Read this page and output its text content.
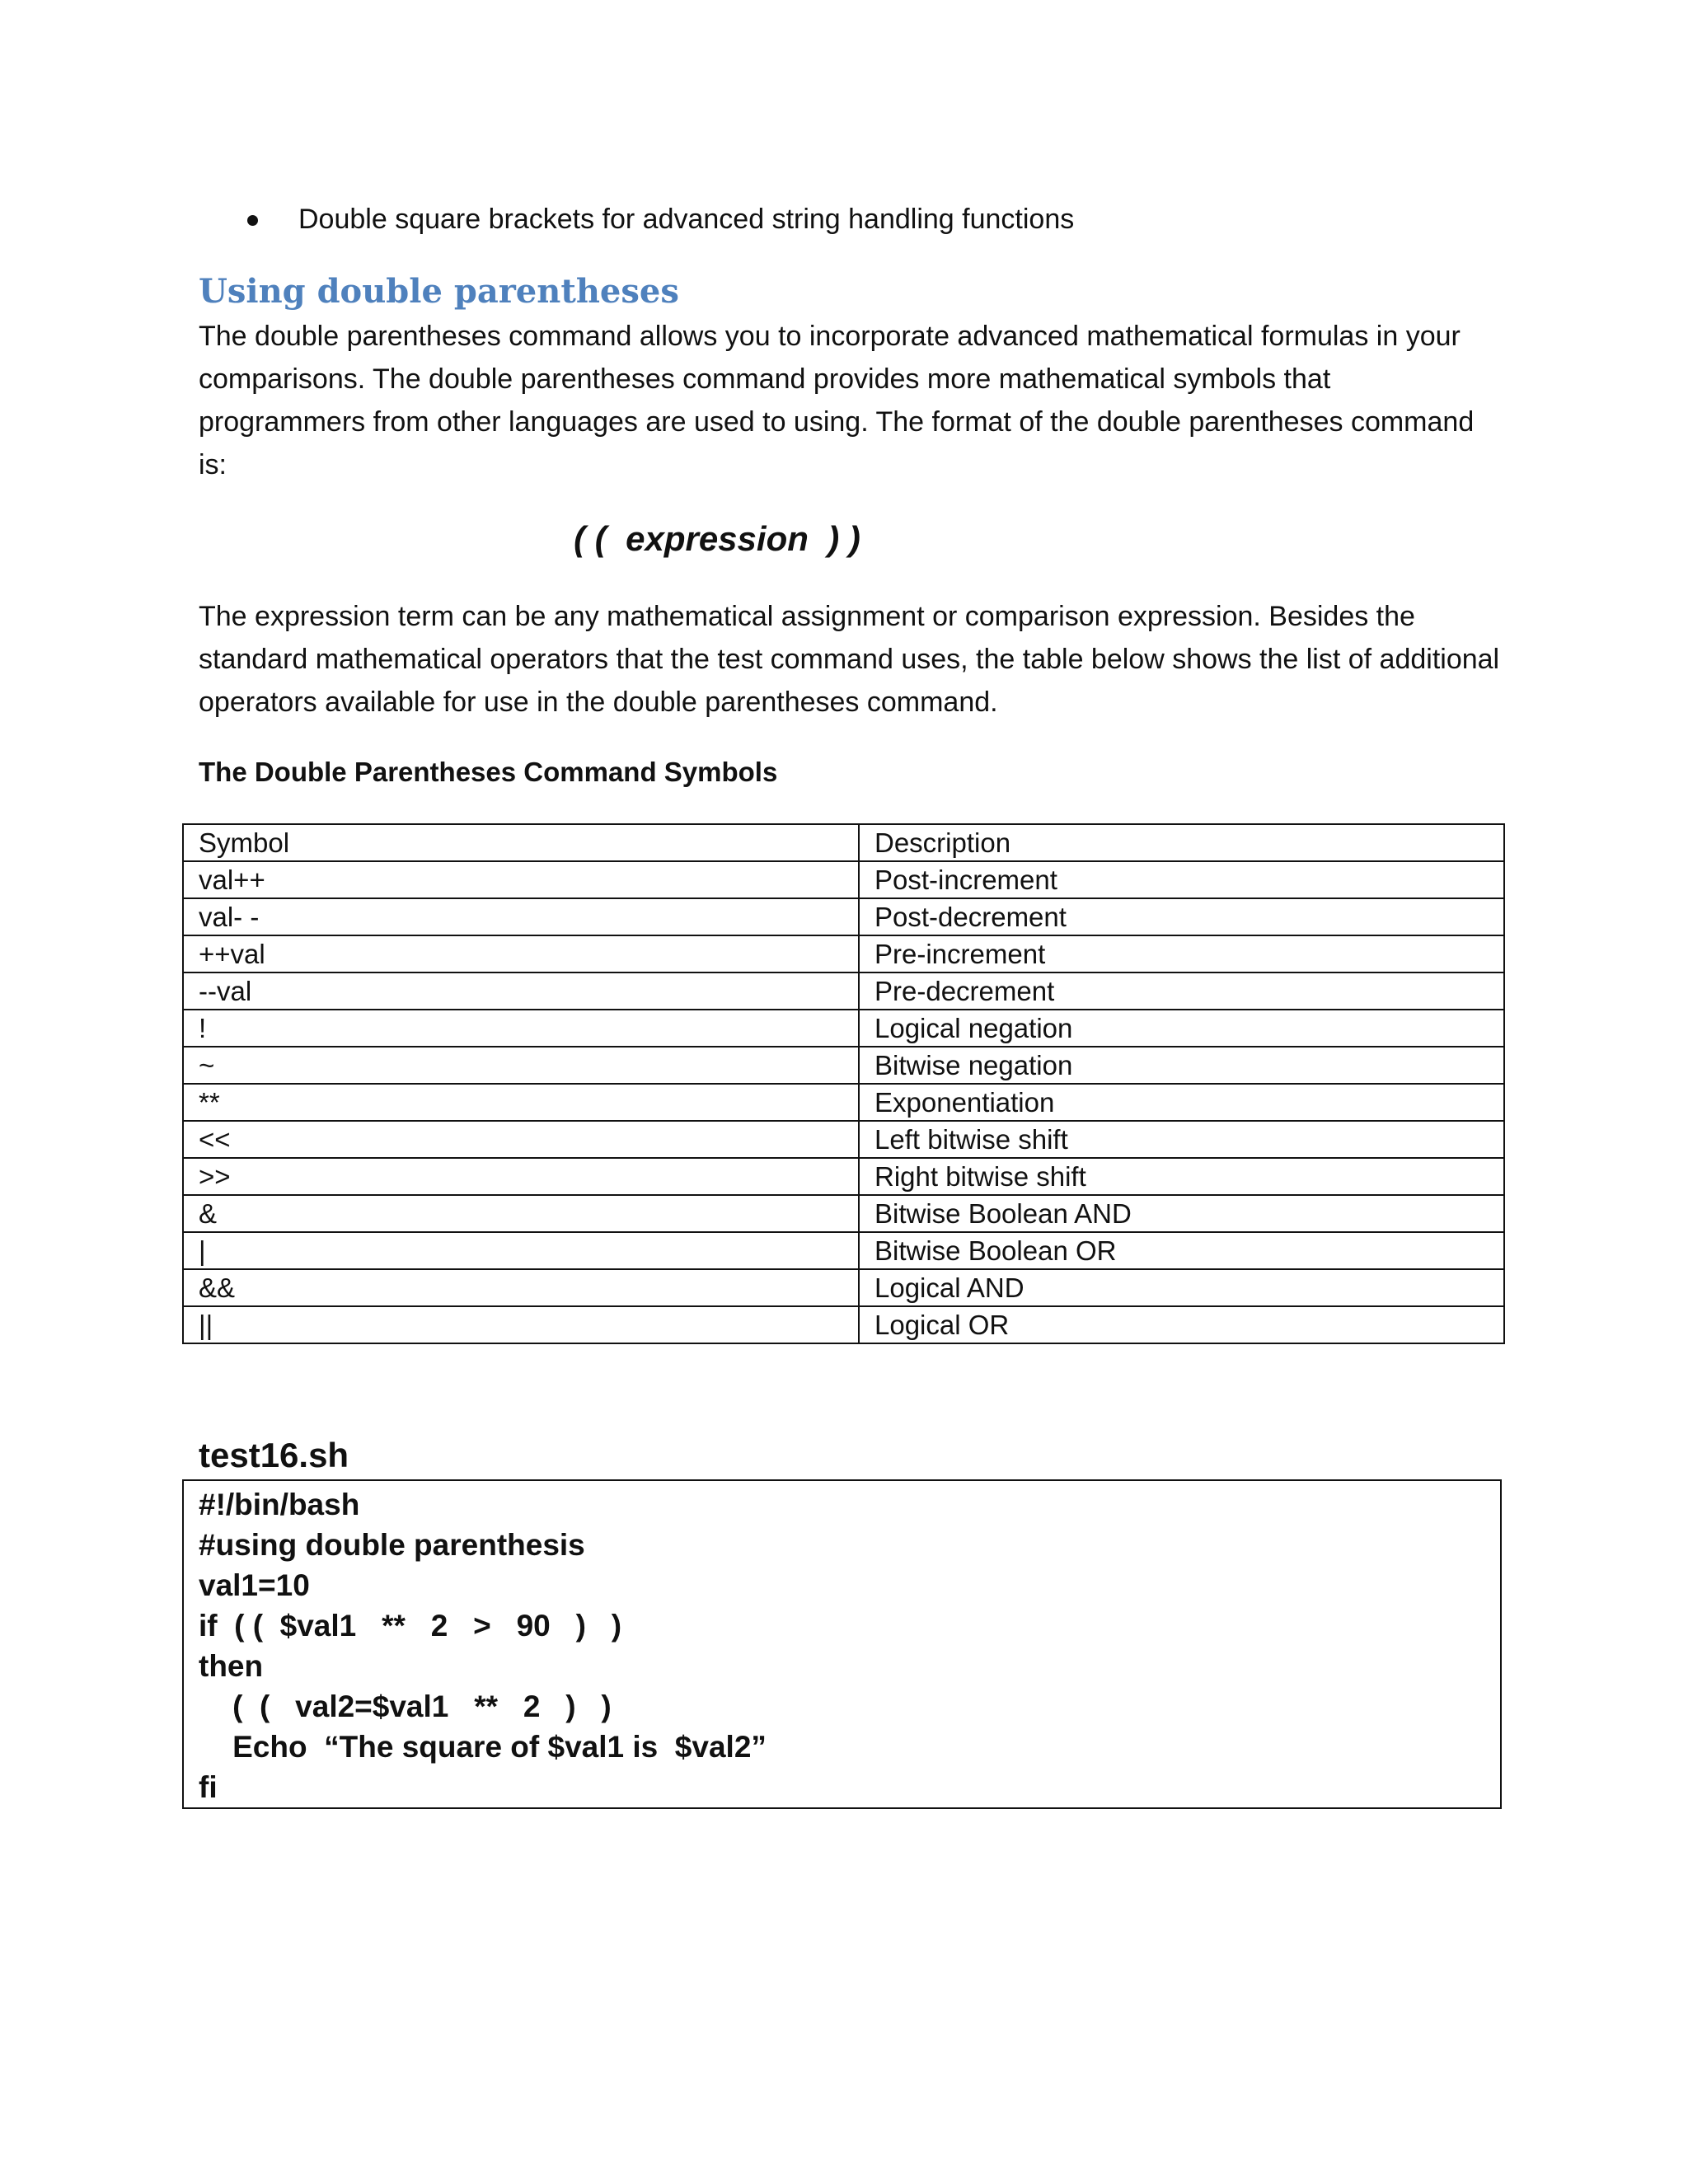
Double square brackets for advanced string handling functions
Using double parentheses

The double parentheses command allows you to incorporate advanced mathematical formulas in your comparisons. The double parentheses command provides more mathematical symbols that programmers from other languages are used to using. The format of the double parentheses command is:

( (  expression  ) )

The expression term can be any mathematical assignment or comparison expression. Besides the standard mathematical operators that the test command uses, the table below shows the list of additional operators available for use in the double parentheses command.

The Double Parentheses Command Symbols

Symbol	Description
val++	Post-increment
val- -	Post-decrement
++val	Pre-increment
--val	Pre-decrement
!	Logical negation
~	Bitwise negation
**	Exponentiation
<<	Left bitwise shift
>>	Right bitwise shift
&	Bitwise Boolean AND
|	Bitwise Boolean OR
&&	Logical AND
||	Logical OR
test16.sh
#!/bin/bash
#using double parenthesis
val1=10
if  ( (  $val1   **   2   >   90   )   )
then
(  (   val2=$val1   **   2   )   )
Echo  “The square of $val1 is  $val2”
fi
